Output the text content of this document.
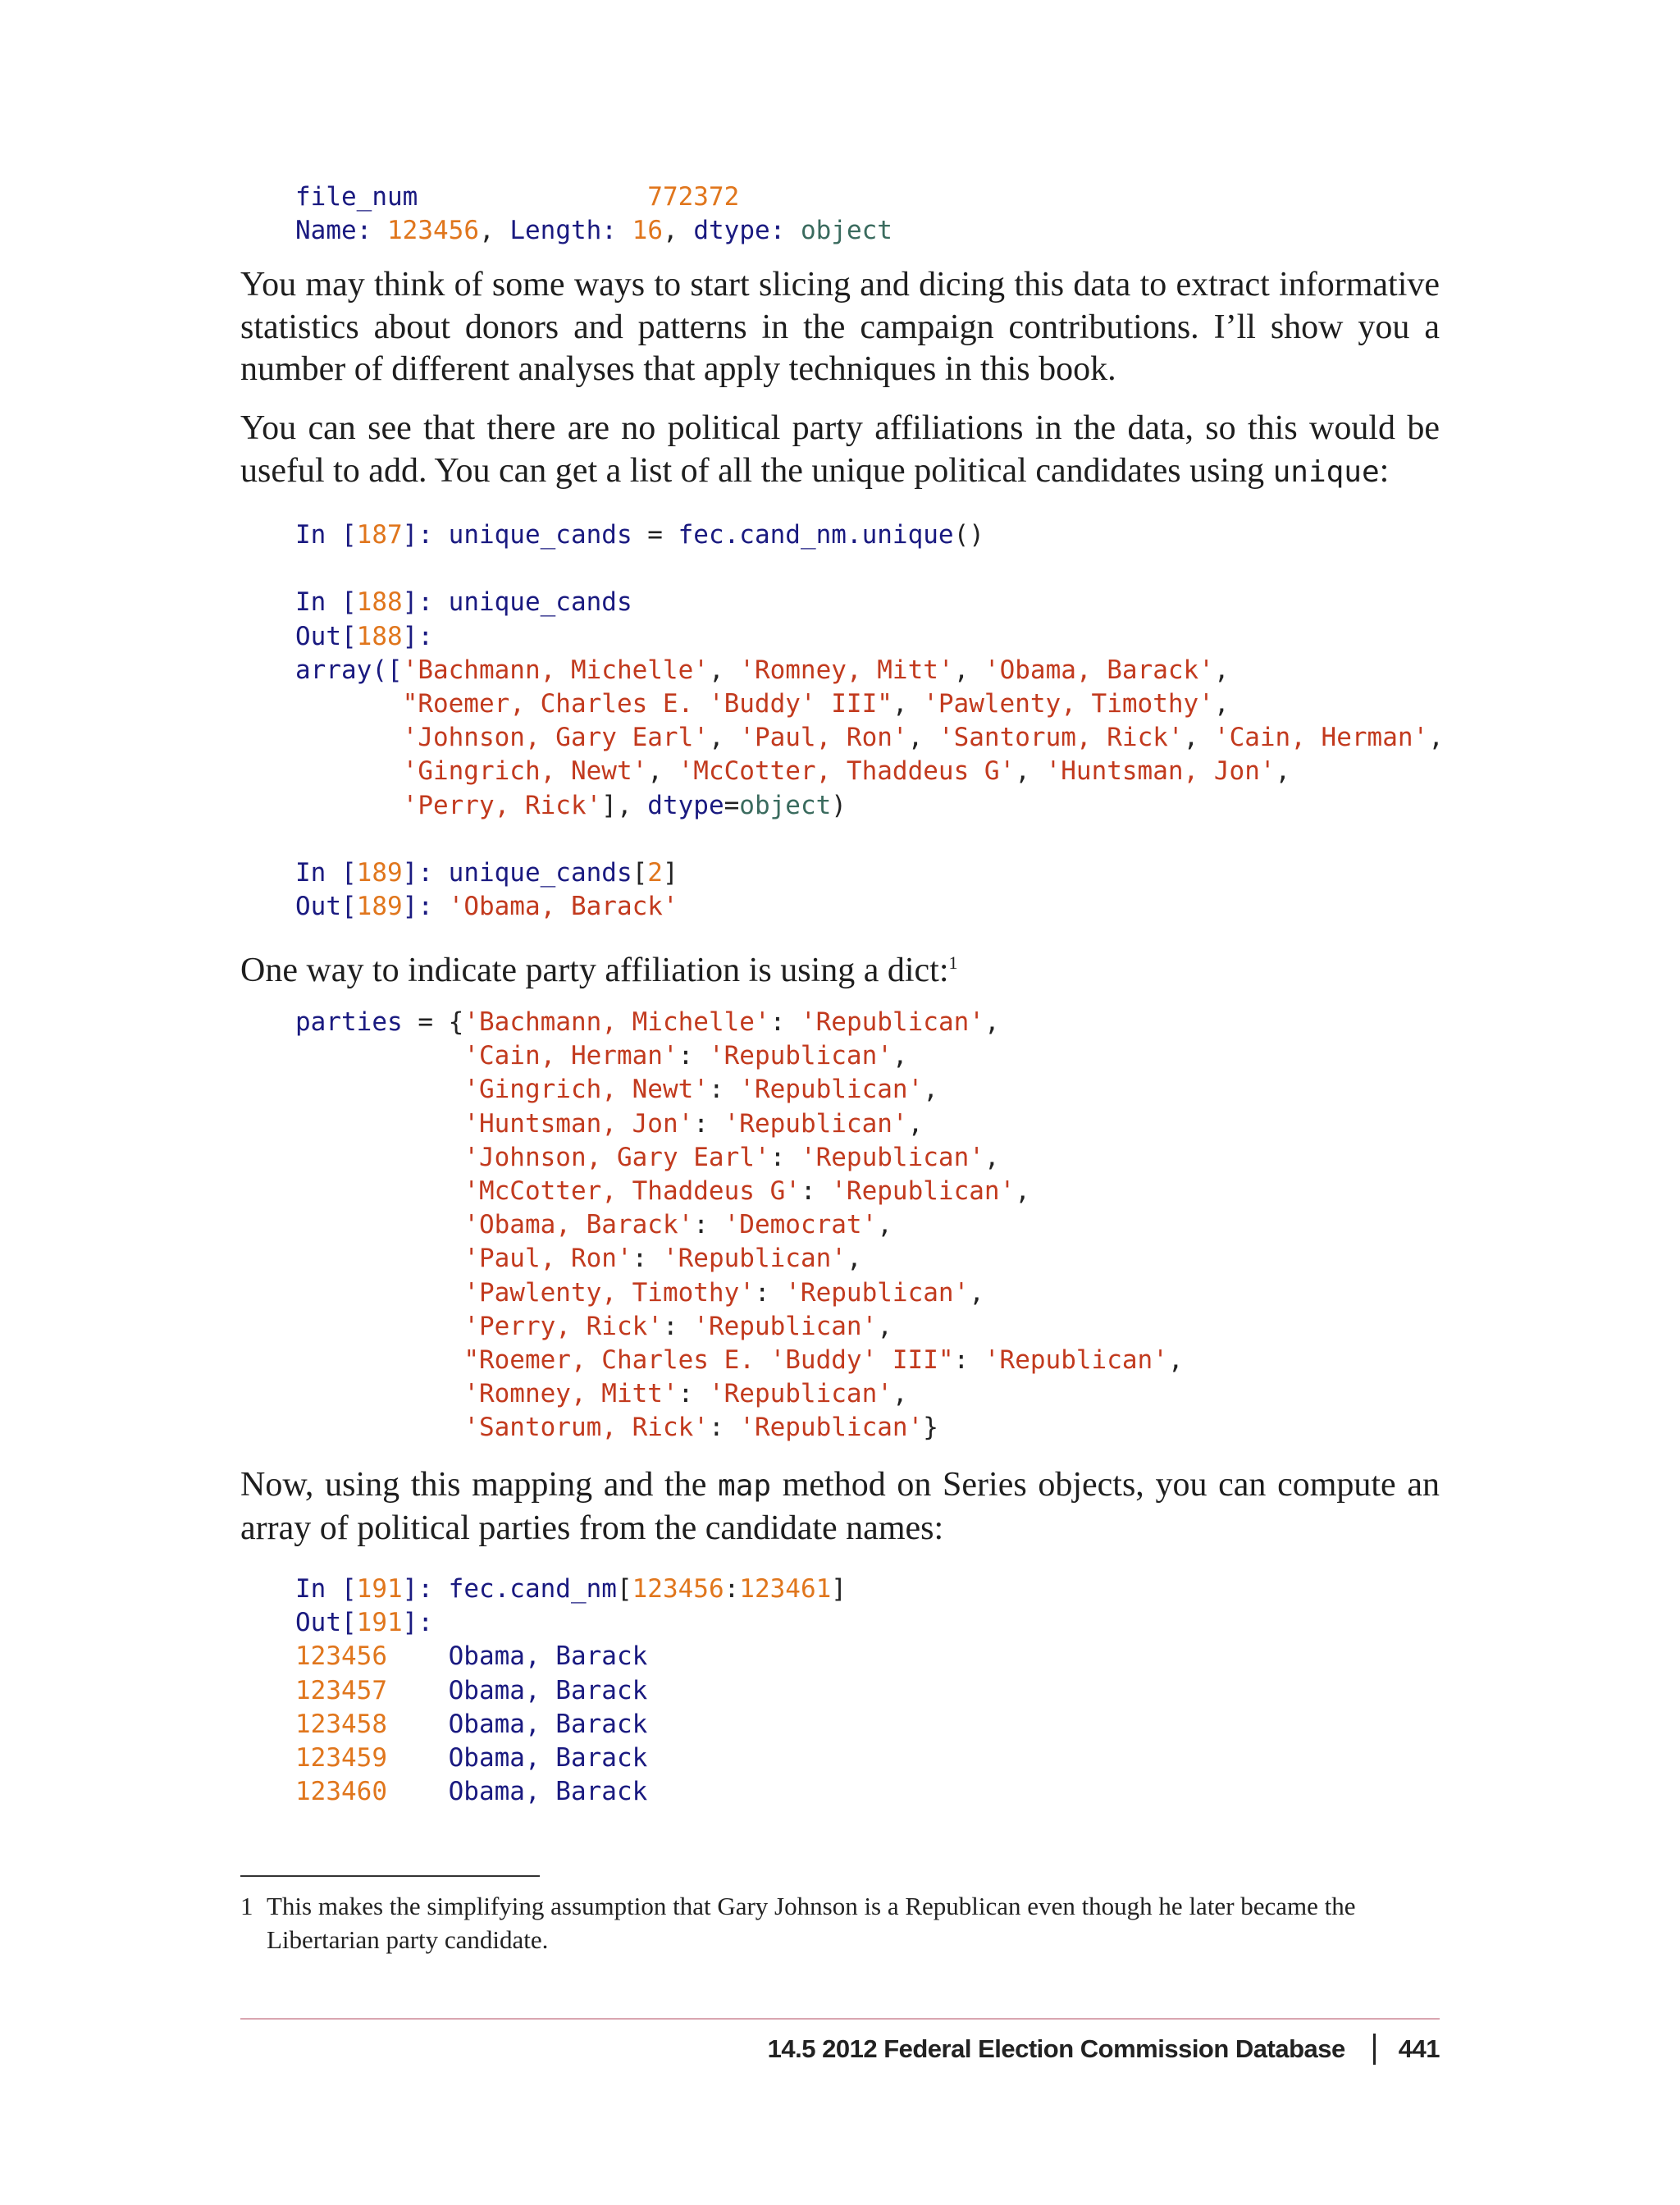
file_num	772372
Name: 123456, Length: 16, dtype: object

You may think of some ways to start slicing and dicing this data to extract informative statistics about donors and patterns in the campaign contributions. I’ll show you a number of different analyses that apply techniques in this book.

You can see that there are no political party affiliations in the data, so this would be useful to add. You can get a list of all the unique political candidates using unique:

In [187]: unique_cands = fec.cand_nm.unique()

In [188]: unique_cands
Out[188]:
array(['Bachmann, Michelle', 'Romney, Mitt', 'Obama, Barack',
"Roemer, Charles E. 'Buddy' III", 'Pawlenty, Timothy',
'Johnson, Gary Earl', 'Paul, Ron', 'Santorum, Rick', 'Cain, Herman',
'Gingrich, Newt', 'McCotter, Thaddeus G', 'Huntsman, Jon',
'Perry, Rick'], dtype=object)

In [189]: unique_cands[2]
Out[189]: 'Obama, Barack'

One way to indicate party affiliation is using a dict:$^1$

parties = {'Bachmann, Michelle': 'Republican',
'Cain, Herman': 'Republican',
'Gingrich, Newt': 'Republican',
'Huntsman, Jon': 'Republican',
'Johnson, Gary Earl': 'Republican',
'McCotter, Thaddeus G': 'Republican',
'Obama, Barack': 'Democrat',
'Paul, Ron': 'Republican',
'Pawlenty, Timothy': 'Republican',
'Perry, Rick': 'Republican',
"Roemer, Charles E. 'Buddy' III": 'Republican',
'Romney, Mitt': 'Republican',
'Santorum, Rick': 'Republican'}

Now, using this mapping and the map method on Series objects, you can compute an array of political parties from the candidate names:

In [191]: fec.cand_nm[123456:123461]
Out[191]:
123456 Obama, Barack
123457 Obama, Barack
123458 Obama, Barack
123459 Obama, Barack
123460 Obama, Barack
1 This makes the simplifying assumption that Gary Johnson is a Republican even though he later became the Libertarian party candidate.
14.5 2012 Federal Election Commission Database 441
